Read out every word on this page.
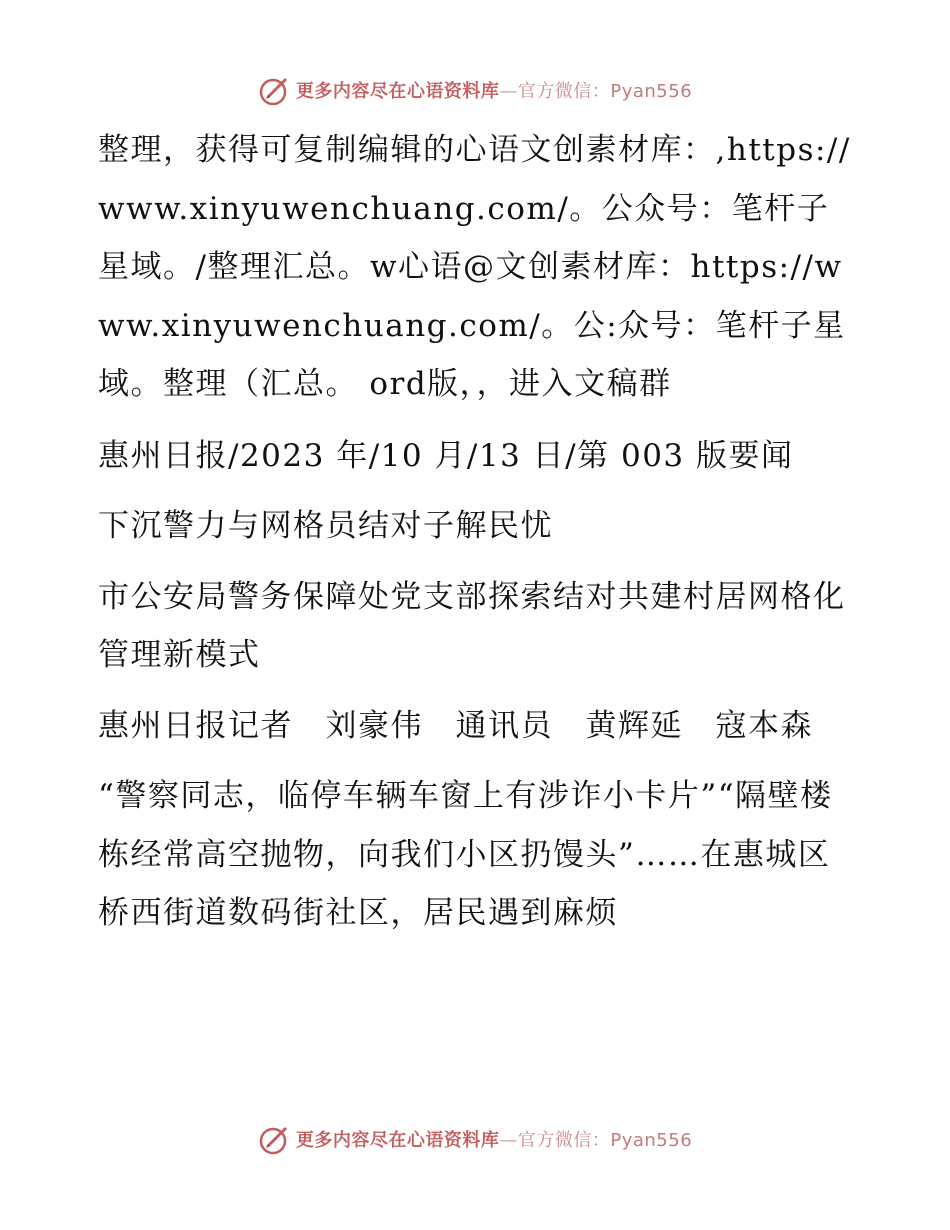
更多内容尽在心语资料库—官方微信：Pyan556

整理，获得可复制编辑的心语文创素材库：,https://www.xinyuwenchuang.com/。公众号：笔杆子星域。/整理汇总。w心语@文创素材库：https://www.xinyuwenchuang.com/。公:众号：笔杆子星域。整理（汇总。 ord版，，进入文稿群

惠州日报/2023 年/10 月/13 日/第 003 版要闻

下沉警力与网格员结对子解民忧

市公安局警务保障处党支部探索结对共建村居网格化管理新模式

惠州日报记者　刘豪伟　通讯员　黄辉延　寇本森

“警察同志，临停车辆车窗上有涉诈小卡片”“隔壁楼栋经常高空抛物，向我们小区扔馒头”……在惠城区桥西街道数码街社区，居民遇到麻烦

更多内容尽在心语资料库—官方微信：Pyan556
